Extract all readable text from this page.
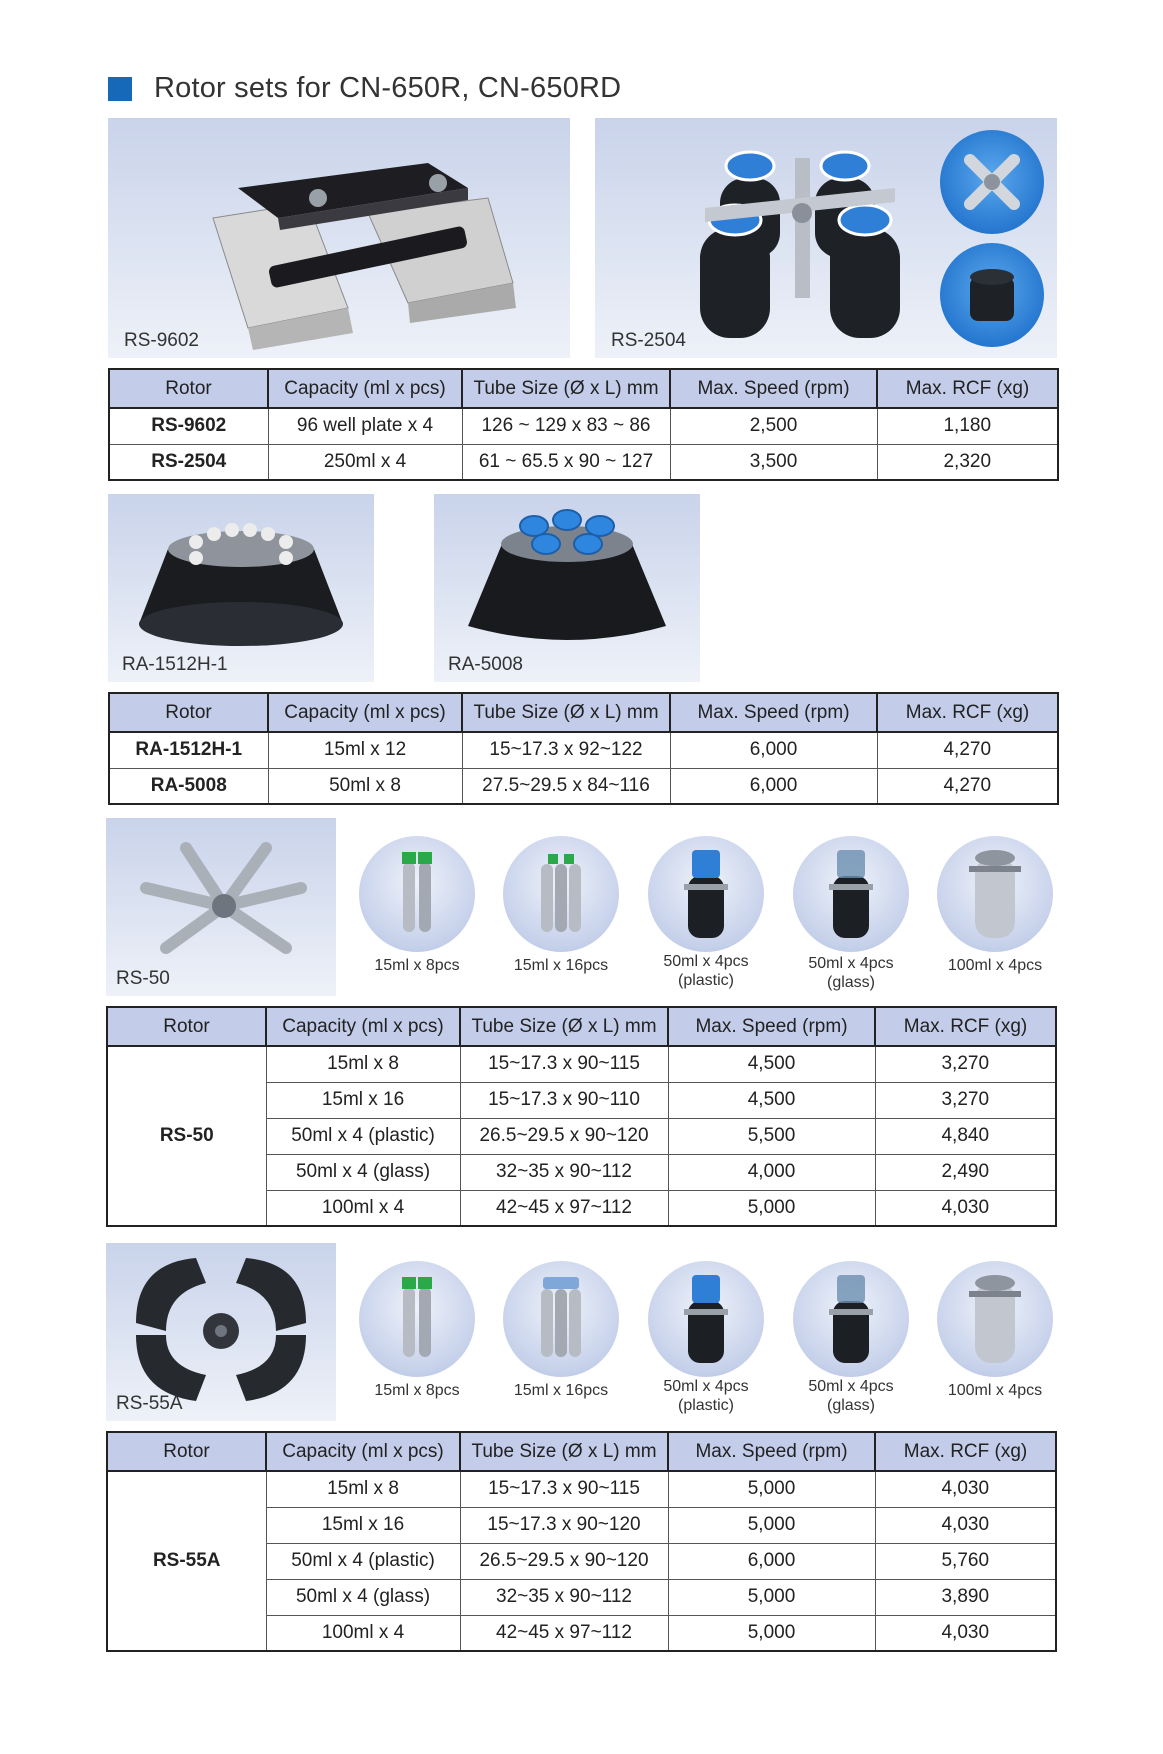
Rotor sets for CN-650R, CN-650RD
RS-9602	RS-2504
Rotor	Capacity (ml x pcs)	Tube Size (Ø x L) mm	Max. Speed (rpm)	Max. RCF (xg)
RS-9602	96 well plate x 4	126 ~ 129 x 83 ~ 86	2,500	1,180
RS-2504	250ml x 4	61 ~ 65.5 x 90 ~ 127	3,500	2,320
RA-1512H-1	RA-5008
Rotor	Capacity (ml x pcs)	Tube Size (Ø x L) mm	Max. Speed (rpm)	Max. RCF (xg)
RA-1512H-1	15ml x 12	15~17.3 x 92~122	6,000	4,270
RA-5008	50ml x 8	27.5~29.5 x 84~116	6,000	4,270
RS-50
15ml x 8pcs	15ml x 16pcs	50ml x 4pcs
(plastic)
50ml x 4pcs
(glass)
100ml x 4pcs
Rotor	Capacity (ml x pcs)	Tube Size (Ø x L) mm	Max. Speed (rpm)	Max. RCF (xg)
RS-50	15ml x 8	15~17.3 x 90~115	4,500	3,270
	15ml x 16	15~17.3 x 90~110	4,500	3,270
	50ml x 4 (plastic)	26.5~29.5 x 90~120	5,500	4,840
	50ml x 4 (glass)	32~35 x 90~112	4,000	2,490
	100ml x 4	42~45 x 97~112	5,000	4,030
RS-55A
15ml x 8pcs	15ml x 16pcs	50ml x 4pcs
(plastic)
50ml x 4pcs
(glass)
100ml x 4pcs
Rotor	Capacity (ml x pcs)	Tube Size (Ø x L) mm	Max. Speed (rpm)	Max. RCF (xg)
RS-55A	15ml x 8	15~17.3 x 90~115	5,000	4,030
	15ml x 16	15~17.3 x 90~120	5,000	4,030
	50ml x 4 (plastic)	26.5~29.5 x 90~120	6,000	5,760
	50ml x 4 (glass)	32~35 x 90~112	5,000	3,890
	100ml x 4	42~45 x 97~112	5,000	4,030
